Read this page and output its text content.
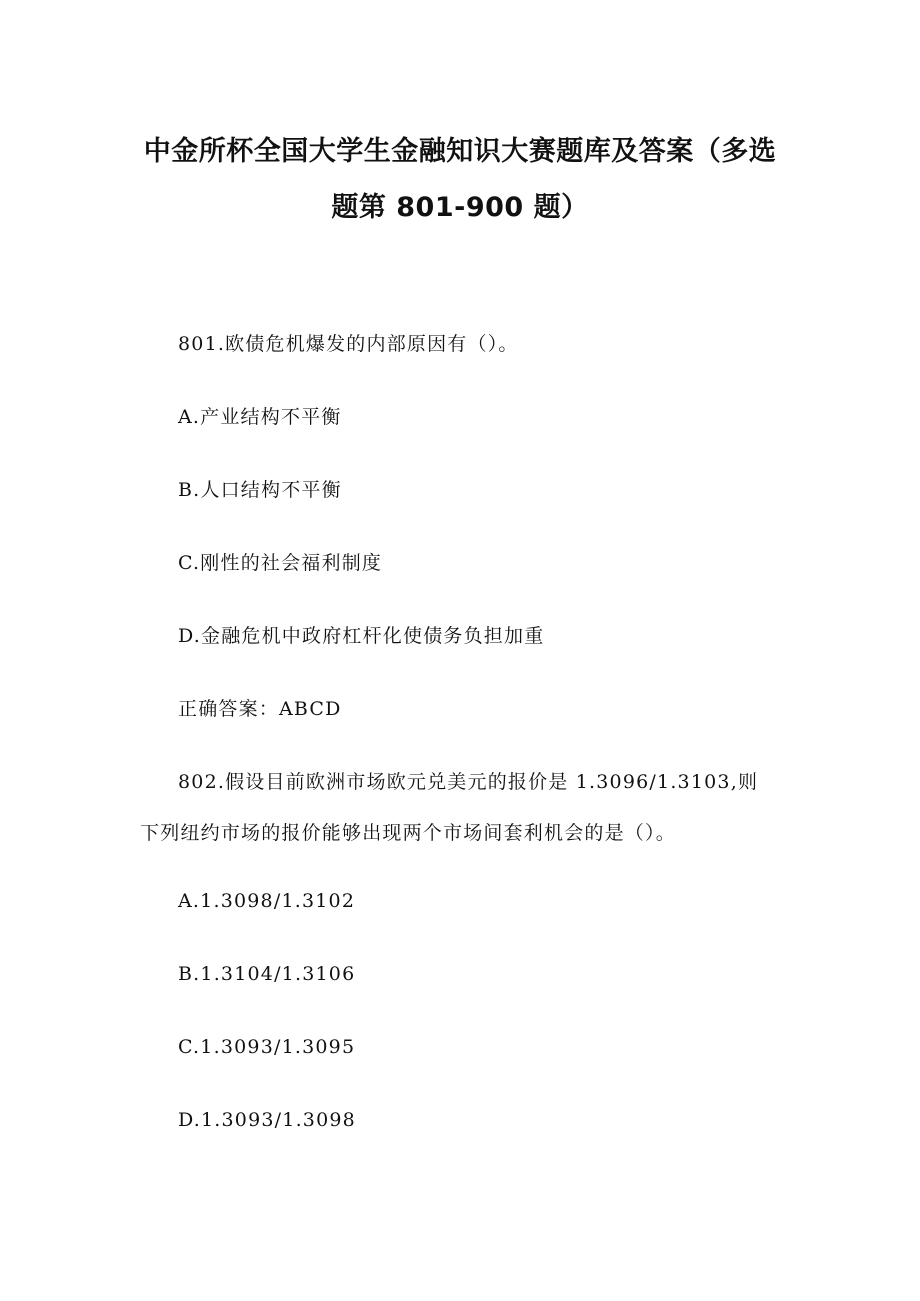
中金所杯全国大学生金融知识大赛题库及答案（多选
题第 801-900 题）
801.欧债危机爆发的内部原因有（）。
A.产业结构不平衡
B.人口结构不平衡
C.刚性的社会福利制度
D.金融危机中政府杠杆化使债务负担加重
正确答案：ABCD
802.假设目前欧洲市场欧元兑美元的报价是 1.3096/1.3103,则
下列纽约市场的报价能够出现两个市场间套利机会的是（）。
A.1.3098/1.3102
B.1.3104/1.3106
C.1.3093/1.3095
D.1.3093/1.3098
